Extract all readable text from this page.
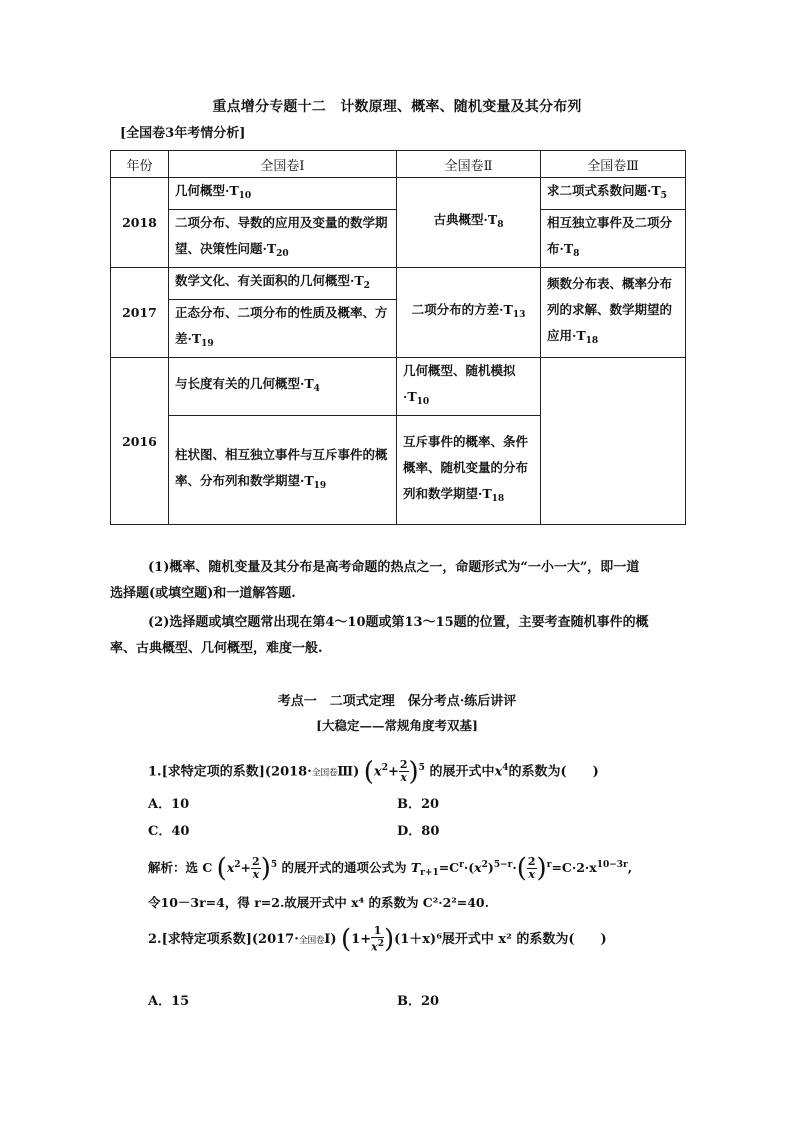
重点增分专题十二　计数原理、概率、随机变量及其分布列
[全国卷3年考情分析]
年份	全国卷Ⅰ	全国卷Ⅱ	全国卷Ⅲ
2018	几何概型$\cdot T_{10}$	古典概型$\cdot T_8$	求二项式系数问题$\cdot T_5$
	二项分布、导数的应用及变量的数学期望、决策性问题$\cdot T_{20}$		相互独立事件及二项分布$\cdot T_8$
2017	数学文化、有关面积的几何概型$\cdot T_2$	二项分布的方差$\cdot T_{13}$	频数分布表、概率分布列的求解、数学期望的应用$\cdot T_{18}$
	正态分布、二项分布的性质及概率、方差$\cdot T_{19}$
2016	与长度有关的几何概型$\cdot T_4$	几何概型、随机模拟$\cdot T_{10}$	
	柱状图、相互独立事件与互斥事件的概率、分布列和数学期望$\cdot T_{19}$	互斥事件的概率、条件概率、随机变量的分布列和数学期望$\cdot T_{18}$
(1)概率、随机变量及其分布是高考命题的热点之一，命题形式为“一小一大”，即一道
选择题(或填空题)和一道解答题.
(2)选择题或填空题常出现在第4～10题或第13～15题的位置，主要考查随机事件的概
率、古典概型、几何概型，难度一般.
考点一　二项式定理　保分考点·练后讲评
[大稳定——常规角度考双基]
1.[求特定项的系数](2018·全国卷Ⅲ) $(x^2+ \frac{2}{x} )^5$ 的展开式中$x^4$的系数为(　　)
A．10	B．20
C．40	D．80
解析：选 C $(x^2+ \frac{2}{x} )^5$ 的展开式的通项公式为 $T_{r+1}=C^r\cdot(x^2)^{5-r}\cdot( \frac{2}{x} )^r=C\cdot 2\cdot x^{10-3r}$,
令10－3r=4，得 r=2.故展开式中 x⁴ 的系数为 C²·2²=40.
2.[求特定项系数](2017·全国卷Ⅰ) $(1+ \frac{1}{x^2} )(1+x)^6$展开式中 x² 的系数为(　　)
A．15	B．20
